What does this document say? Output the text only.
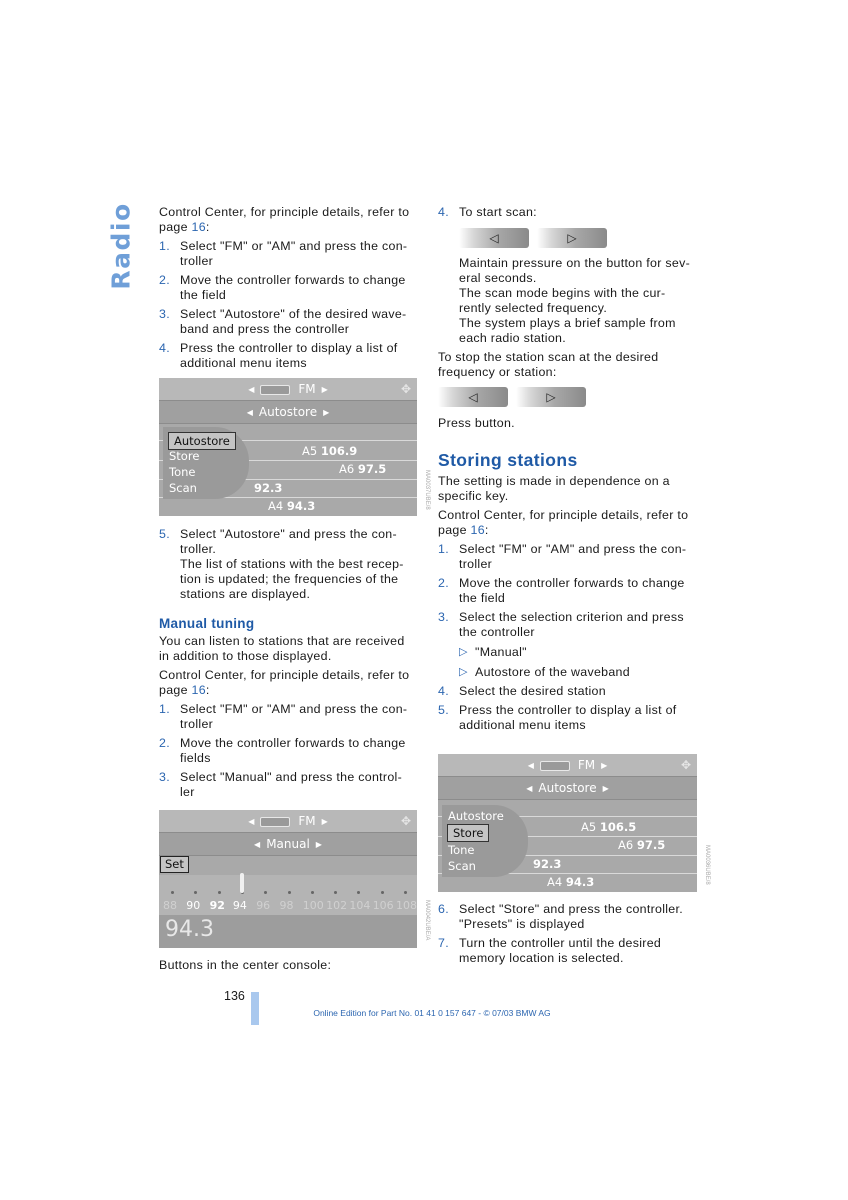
Radio Control Center, for principle details, refer to
page 16:

1. Select "FM" or "AM" and press the con-
troller
2. Move the controller forwards to change
the field
3. Select "Autostore" of the desired wave-
band and press the controller
4. Press the controller to display a list of
additional menu items
◀	FM ▶
◀ Autostore ▶
A5 106.9
A6 97.5
92.3
A4 94.3
Autostore
Store
Tone
Scan
✥
MA0037UBE/8
5. Select "Autostore" and press the con-
troller.
The list of stations with the best recep-
tion is updated; the frequencies of the
stations are displayed.
Manual tuning

You can listen to stations that are received
in addition to those displayed.

Control Center, for principle details, refer to
page 16:

1. Select "FM" or "AM" and press the con-
troller
2. Move the controller forwards to change
fields
3. Select "Manual" and press the control-
ler
◀	FM ▶
◀ Manual ▶
Set
88 90 92 94 96 98 100 102 104 106 108
94.3
✥
MA0042UBE/A

Buttons in the center console:

4. To start scan:
◁	▷

Maintain pressure on the button for sev-
eral seconds.
The scan mode begins with the cur-
rently selected frequency.
The system plays a brief sample from
each radio station.

To stop the station scan at the desired
frequency or station:

◁	▷

Press button.

Storing stations

The setting is made in dependence on a
specific key.

Control Center, for principle details, refer to
page 16:

1. Select "FM" or "AM" and press the con-
troller
2. Move the controller forwards to change
the field
3. Select the selection criterion and press
the controller
▷ "Manual"
▷ Autostore of the waveband
4. Select the desired station
5. Press the controller to display a list of
additional menu items
◀	FM ▶
◀ Autostore ▶
A5 106.5
A6 97.5
92.3
A4 94.3
Autostore
Store
Tone
Scan
✥
MA0036UBE/8
6. Select "Store" and press the controller.
"Presets" is displayed
7. Turn the controller until the desired
memory location is selected.
136
Online Edition for Part No. 01 41 0 157 647 - © 07/03 BMW AG
